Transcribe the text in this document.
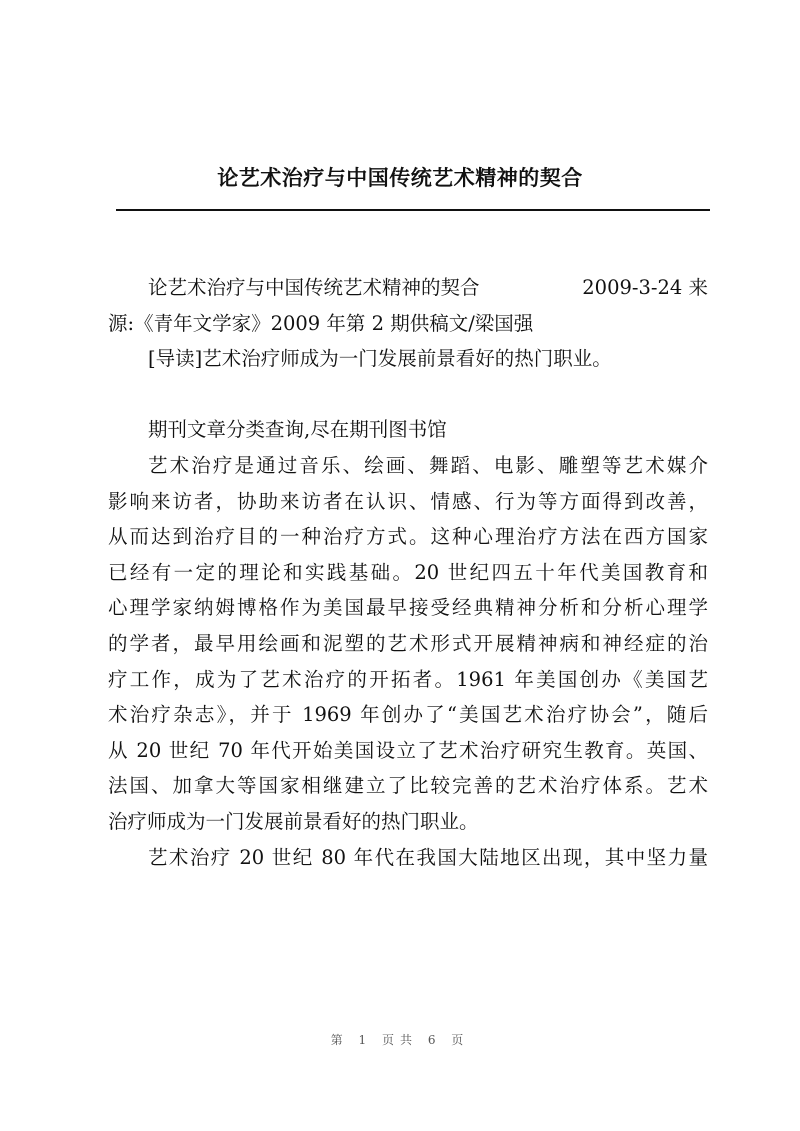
论艺术治疗与中国传统艺术精神的契合
论艺术治疗与中国传统艺术精神的契合	2009-3-24 来
源:《青年文学家》2009 年第 2 期供稿文/梁国强
[导读]艺术治疗师成为一门发展前景看好的热门职业。
期刊文章分类查询,尽在期刊图书馆
艺术治疗是通过音乐、绘画、舞蹈、电影、雕塑等艺术媒介
影响来访者，协助来访者在认识、情感、行为等方面得到改善，
从而达到治疗目的一种治疗方式。这种心理治疗方法在西方国家
已经有一定的理论和实践基础。20 世纪四五十年代美国教育和
心理学家纳姆博格作为美国最早接受经典精神分析和分析心理学
的学者，最早用绘画和泥塑的艺术形式开展精神病和神经症的治
疗工作，成为了艺术治疗的开拓者。1961 年美国创办《美国艺
术治疗杂志》，并于 1969 年创办了“美国艺术治疗协会”，随后
从 20 世纪 70 年代开始美国设立了艺术治疗研究生教育。英国、
法国、加拿大等国家相继建立了比较完善的艺术治疗体系。艺术
治疗师成为一门发展前景看好的热门职业。
艺术治疗 20 世纪 80 年代在我国大陆地区出现，其中坚力量
第 1 页共 6 页
